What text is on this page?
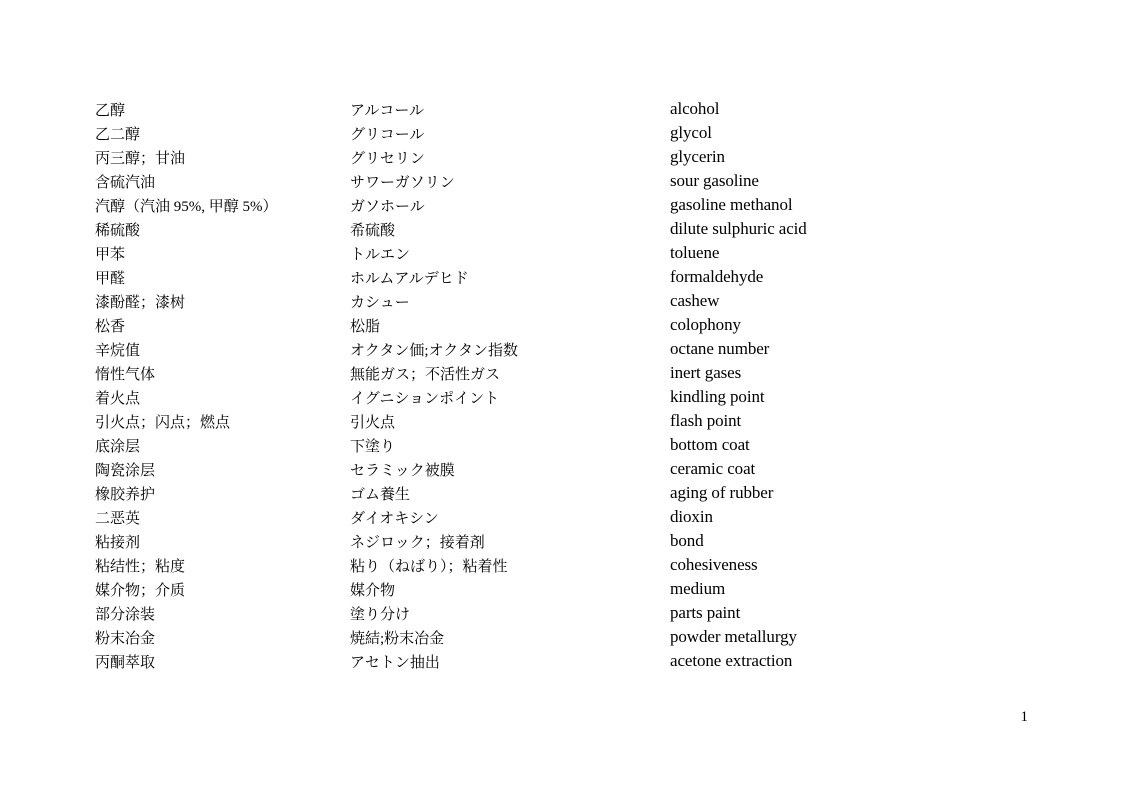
乙醇	アルコール	alcohol
乙二醇	グリコール	glycol
丙三醇；甘油	グリセリン	glycerin
含硫汽油	サワーガソリン	sour gasoline
汽醇（汽油 95%, 甲醇 5%）	ガソホール	gasoline methanol
稀硫酸	希硫酸	dilute sulphuric acid
甲苯	トルエン	toluene
甲醛	ホルムアルデヒド	formaldehyde
漆酚醛；漆树	カシュー	cashew
松香	松脂	colophony
辛烷值	オクタン価;オクタン指数	octane number
惰性气体	無能ガス；不活性ガス	inert gases
着火点	イグニションポイント	kindling point
引火点；闪点；燃点	引火点	flash point
底涂层	下塗り	bottom coat
陶瓷涂层	セラミック被膜	ceramic coat
橡胶养护	ゴム養生	aging of rubber
二恶英	ダイオキシン	dioxin
粘接剂	ネジロック；接着剤	bond
粘结性；粘度	粘り（ねばり）；粘着性	cohesiveness
媒介物；介质	媒介物	medium
部分涂装	塗り分け	parts paint
粉末冶金	焼結;粉末冶金	powder metallurgy
丙酮萃取	アセトン抽出	acetone extraction
1
